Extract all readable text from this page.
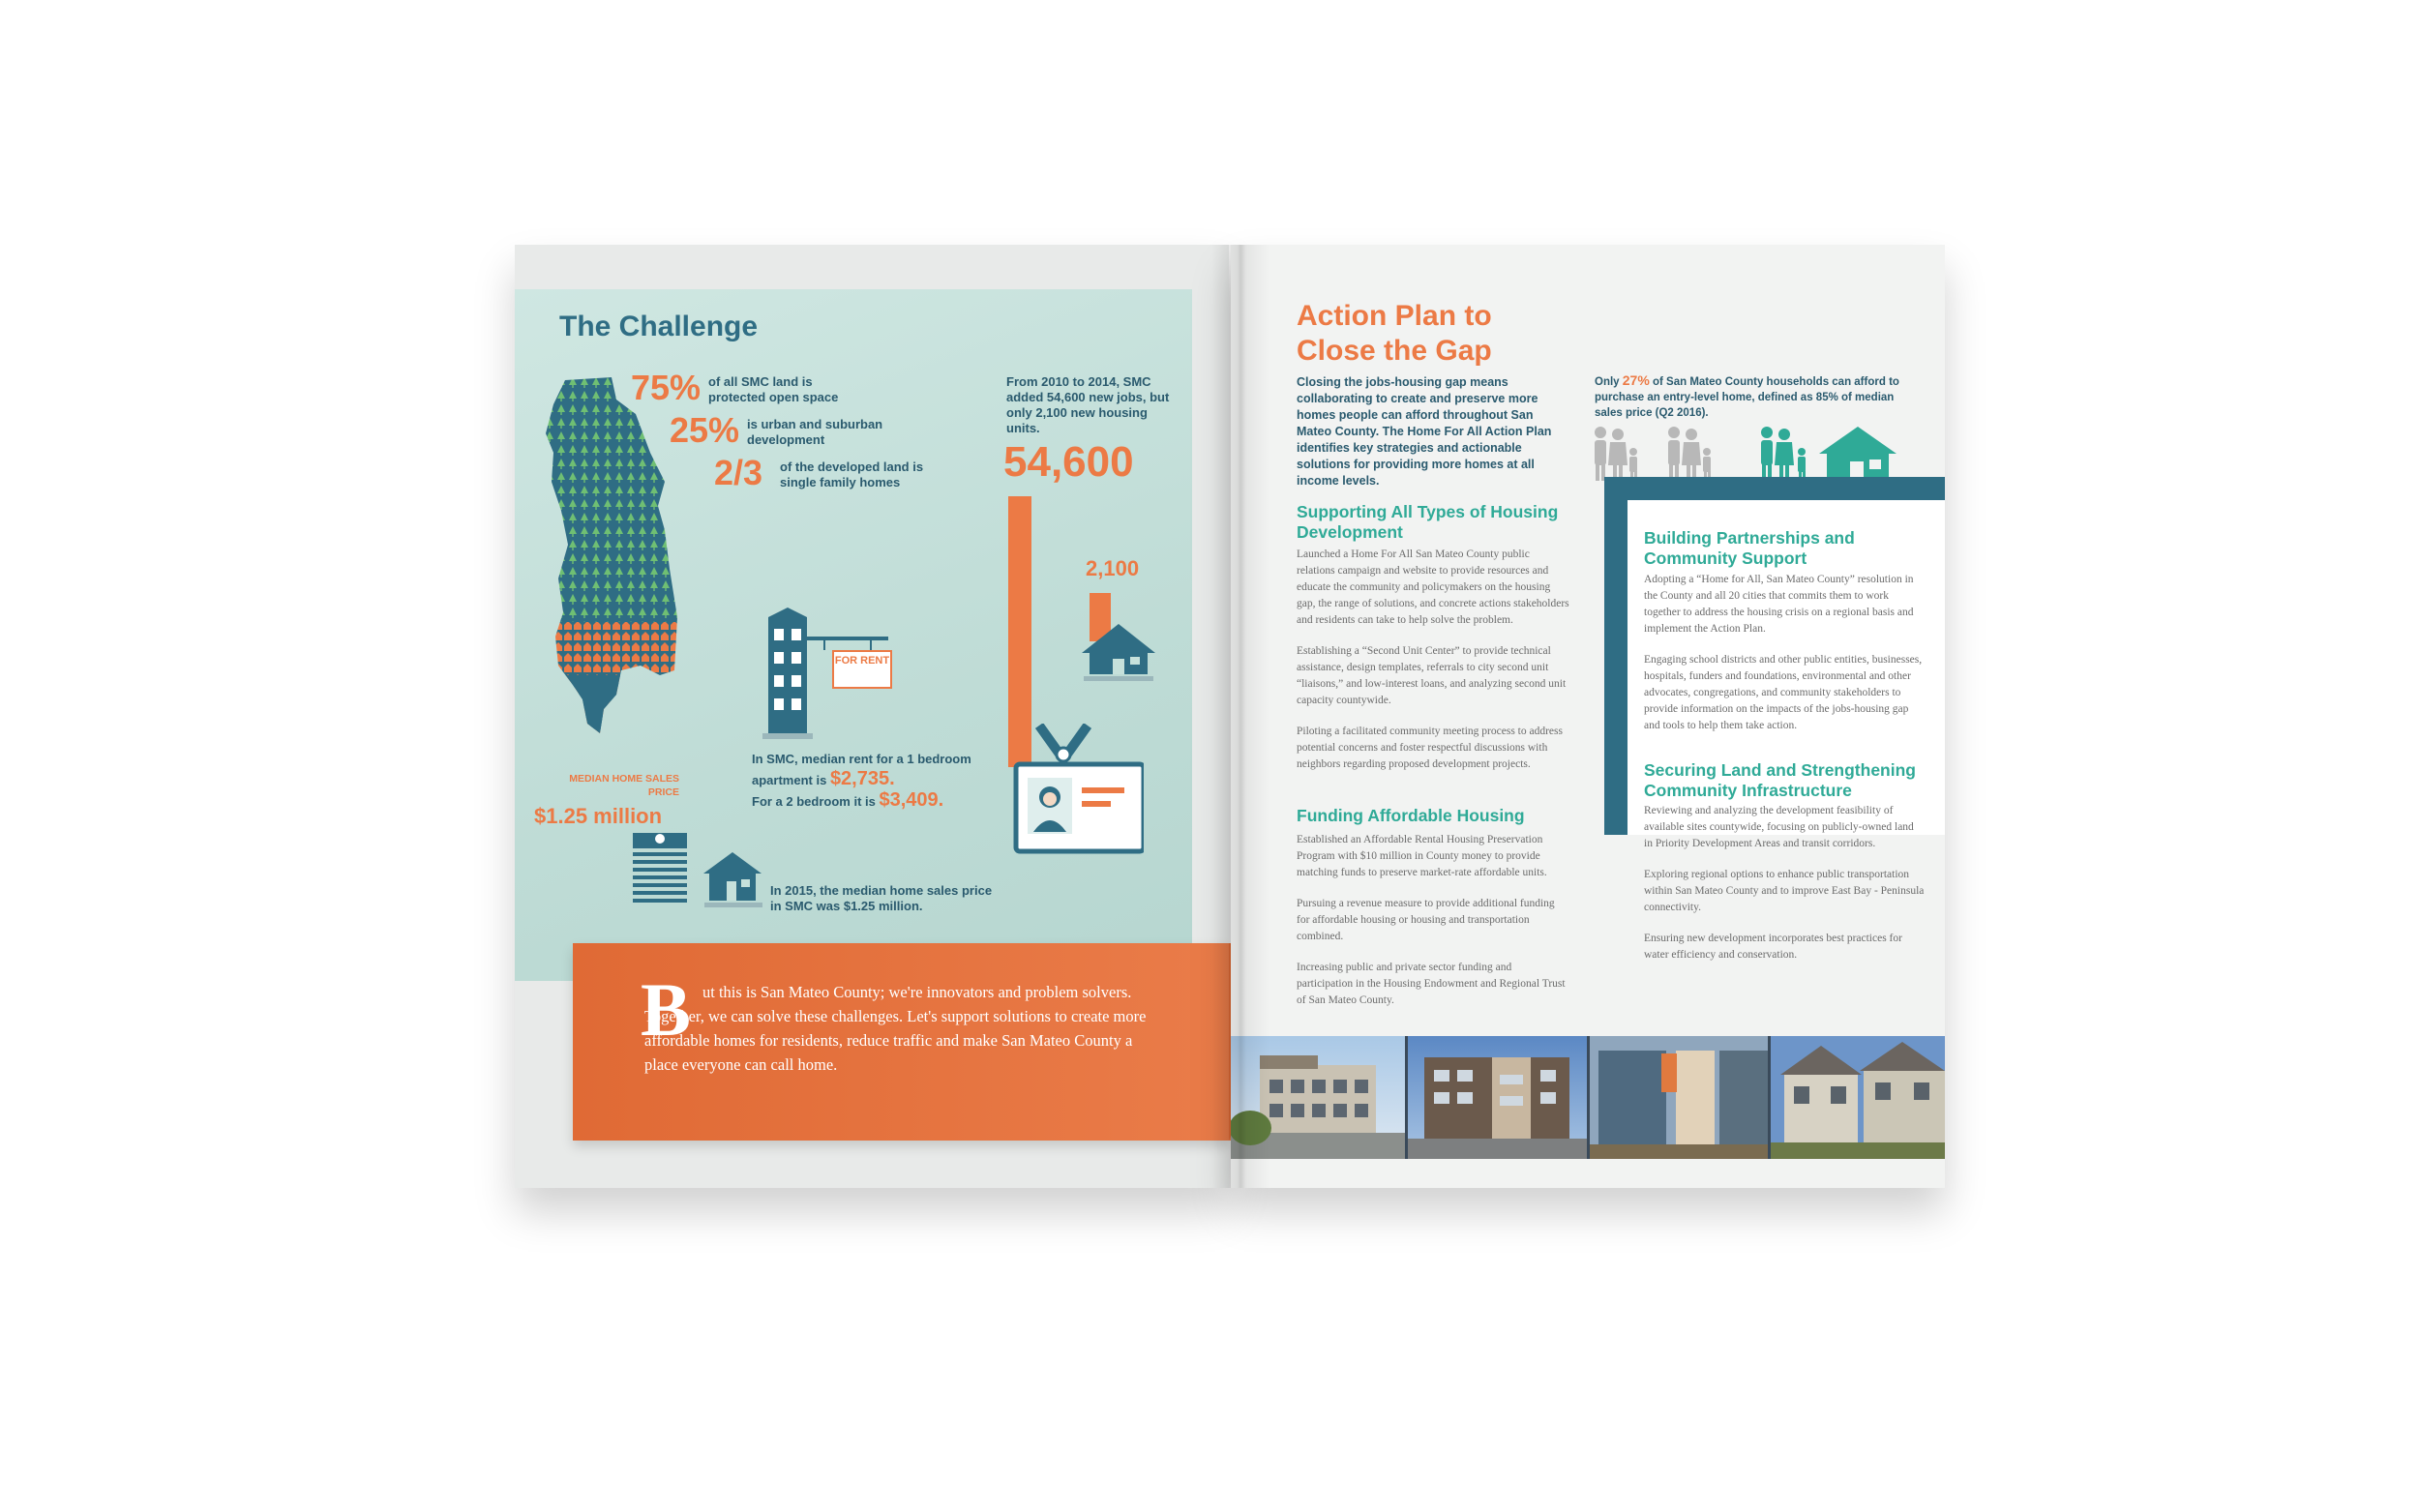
The Challenge
75% of all SMC land is protected open space
25% is urban and suburban development
2/3 of the developed land is single family homes
From 2010 to 2014, SMC added 54,600 new jobs, but only 2,100 new housing units.
54,600
2,100
FOR RENT
In SMC, median rent for a 1 bedroom apartment is $2,735.
For a 2 bedroom it is $3,409.
MEDIAN HOME SALES PRICE
$1.25 million
In 2015, the median home sales price in SMC was $1.25 million.
B ut this is San Mateo County; we're innovators and problem solvers. Together, we can solve these challenges. Let's support solutions to create more affordable homes for residents, reduce traffic and make San Mateo County a place everyone can call home.
Action Plan to Close the Gap
Closing the jobs-housing gap means collaborating to create and preserve more homes people can afford throughout San Mateo County. The Home For All Action Plan identifies key strategies and actionable solutions for providing more homes at all income levels.
Supporting All Types of Housing Development

Launched a Home For All San Mateo County public relations campaign and website to provide resources and educate the community and policymakers on the housing gap, the range of solutions, and concrete actions stakeholders and residents can take to help solve the problem.

Establishing a “Second Unit Center” to provide technical assistance, design templates, referrals to city second unit “liaisons,” and low-interest loans, and analyzing second unit capacity countywide.

Piloting a facilitated community meeting process to address potential concerns and foster respectful discussions with neighbors regarding proposed development projects.

Funding Affordable Housing

Established an Affordable Rental Housing Preservation Program with $10 million in County money to provide matching funds to preserve market-rate affordable units.

Pursuing a revenue measure to provide additional funding for affordable housing or housing and transportation combined.

Increasing public and private sector funding and participation in the Housing Endowment and Regional Trust of San Mateo County.

Only 27% of San Mateo County households can afford to purchase an entry-level home, defined as 85% of median sales price (Q2 2016).
Building Partnerships and Community Support

Adopting a “Home for All, San Mateo County” resolution in the County and all 20 cities that commits them to work together to address the housing crisis on a regional basis and implement the Action Plan.

Engaging school districts and other public entities, businesses, hospitals, funders and foundations, environmental and other advocates, congregations, and community stakeholders to provide information on the impacts of the jobs-housing gap and tools to help them take action.

Securing Land and Strengthening Community Infrastructure

Reviewing and analyzing the development feasibility of available sites countywide, focusing on publicly-owned land in Priority Development Areas and transit corridors.

Exploring regional options to enhance public transportation within San Mateo County and to improve East Bay - Peninsula connectivity.

Ensuring new development incorporates best practices for water efficiency and conservation.
